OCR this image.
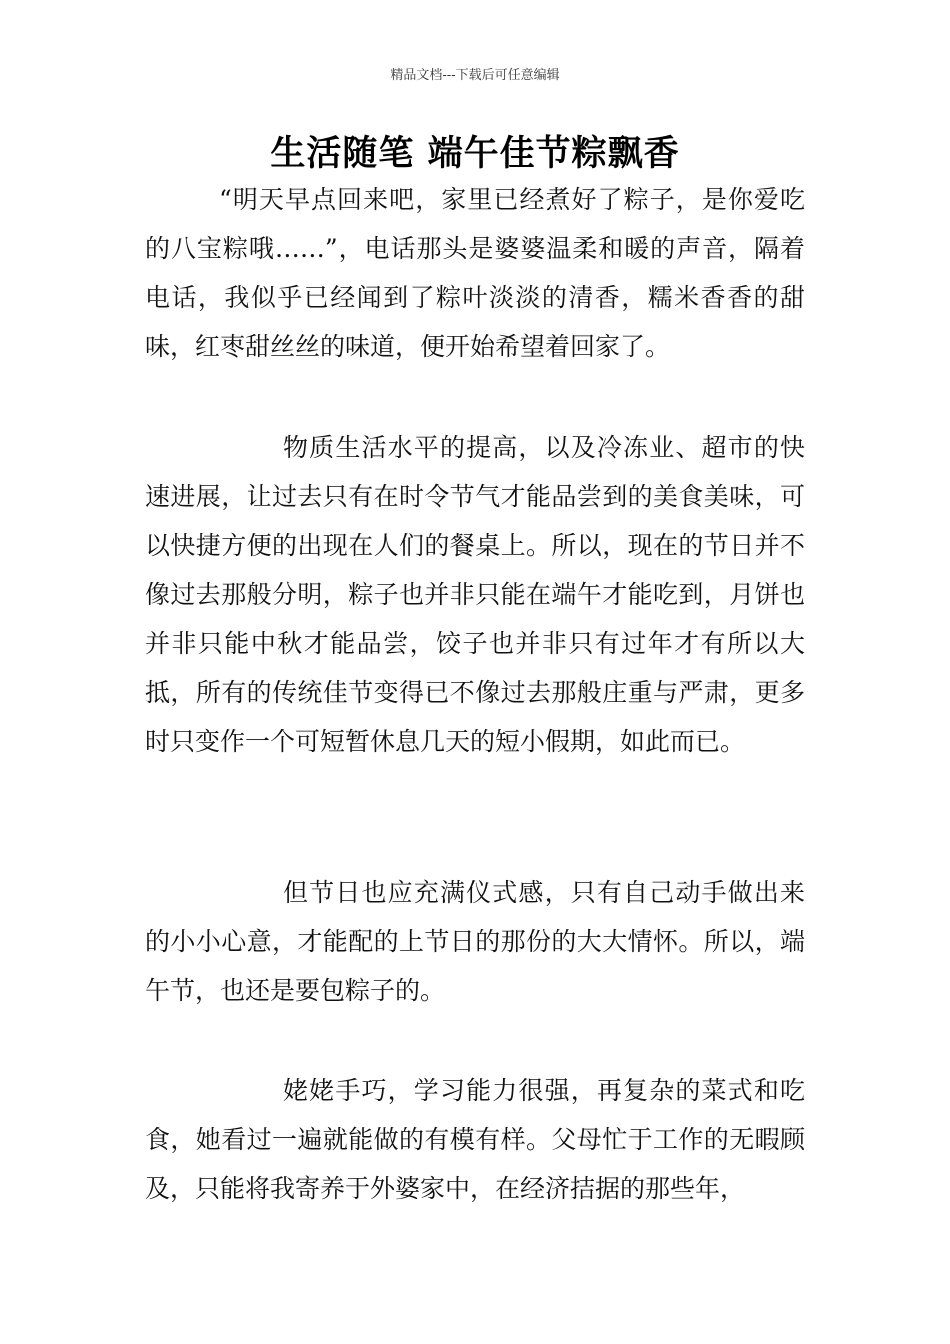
精品文档---下载后可任意编辑
生活随笔 端午佳节粽飘香

“明天早点回来吧，家里已经煮好了粽子，是你爱吃的八宝粽哦……”，电话那头是婆婆温柔和暖的声音，隔着电话，我似乎已经闻到了粽叶淡淡的清香，糯米香香的甜味，红枣甜丝丝的味道，便开始希望着回家了。

物质生活水平的提高，以及冷冻业、超市的快速进展，让过去只有在时令节气才能品尝到的美食美味，可以快捷方便的出现在人们的餐桌上。所以，现在的节日并不像过去那般分明，粽子也并非只能在端午才能吃到，月饼也并非只能中秋才能品尝，饺子也并非只有过年才有所以大抵，所有的传统佳节变得已不像过去那般庄重与严肃，更多时只变作一个可短暂休息几天的短小假期，如此而已。

但节日也应充满仪式感，只有自己动手做出来的小小心意，才能配的上节日的那份的大大情怀。所以，端午节，也还是要包粽子的。

姥姥手巧，学习能力很强，再复杂的菜式和吃食，她看过一遍就能做的有模有样。父母忙于工作的无暇顾及，只能将我寄养于外婆家中，在经济拮据的那些年，
